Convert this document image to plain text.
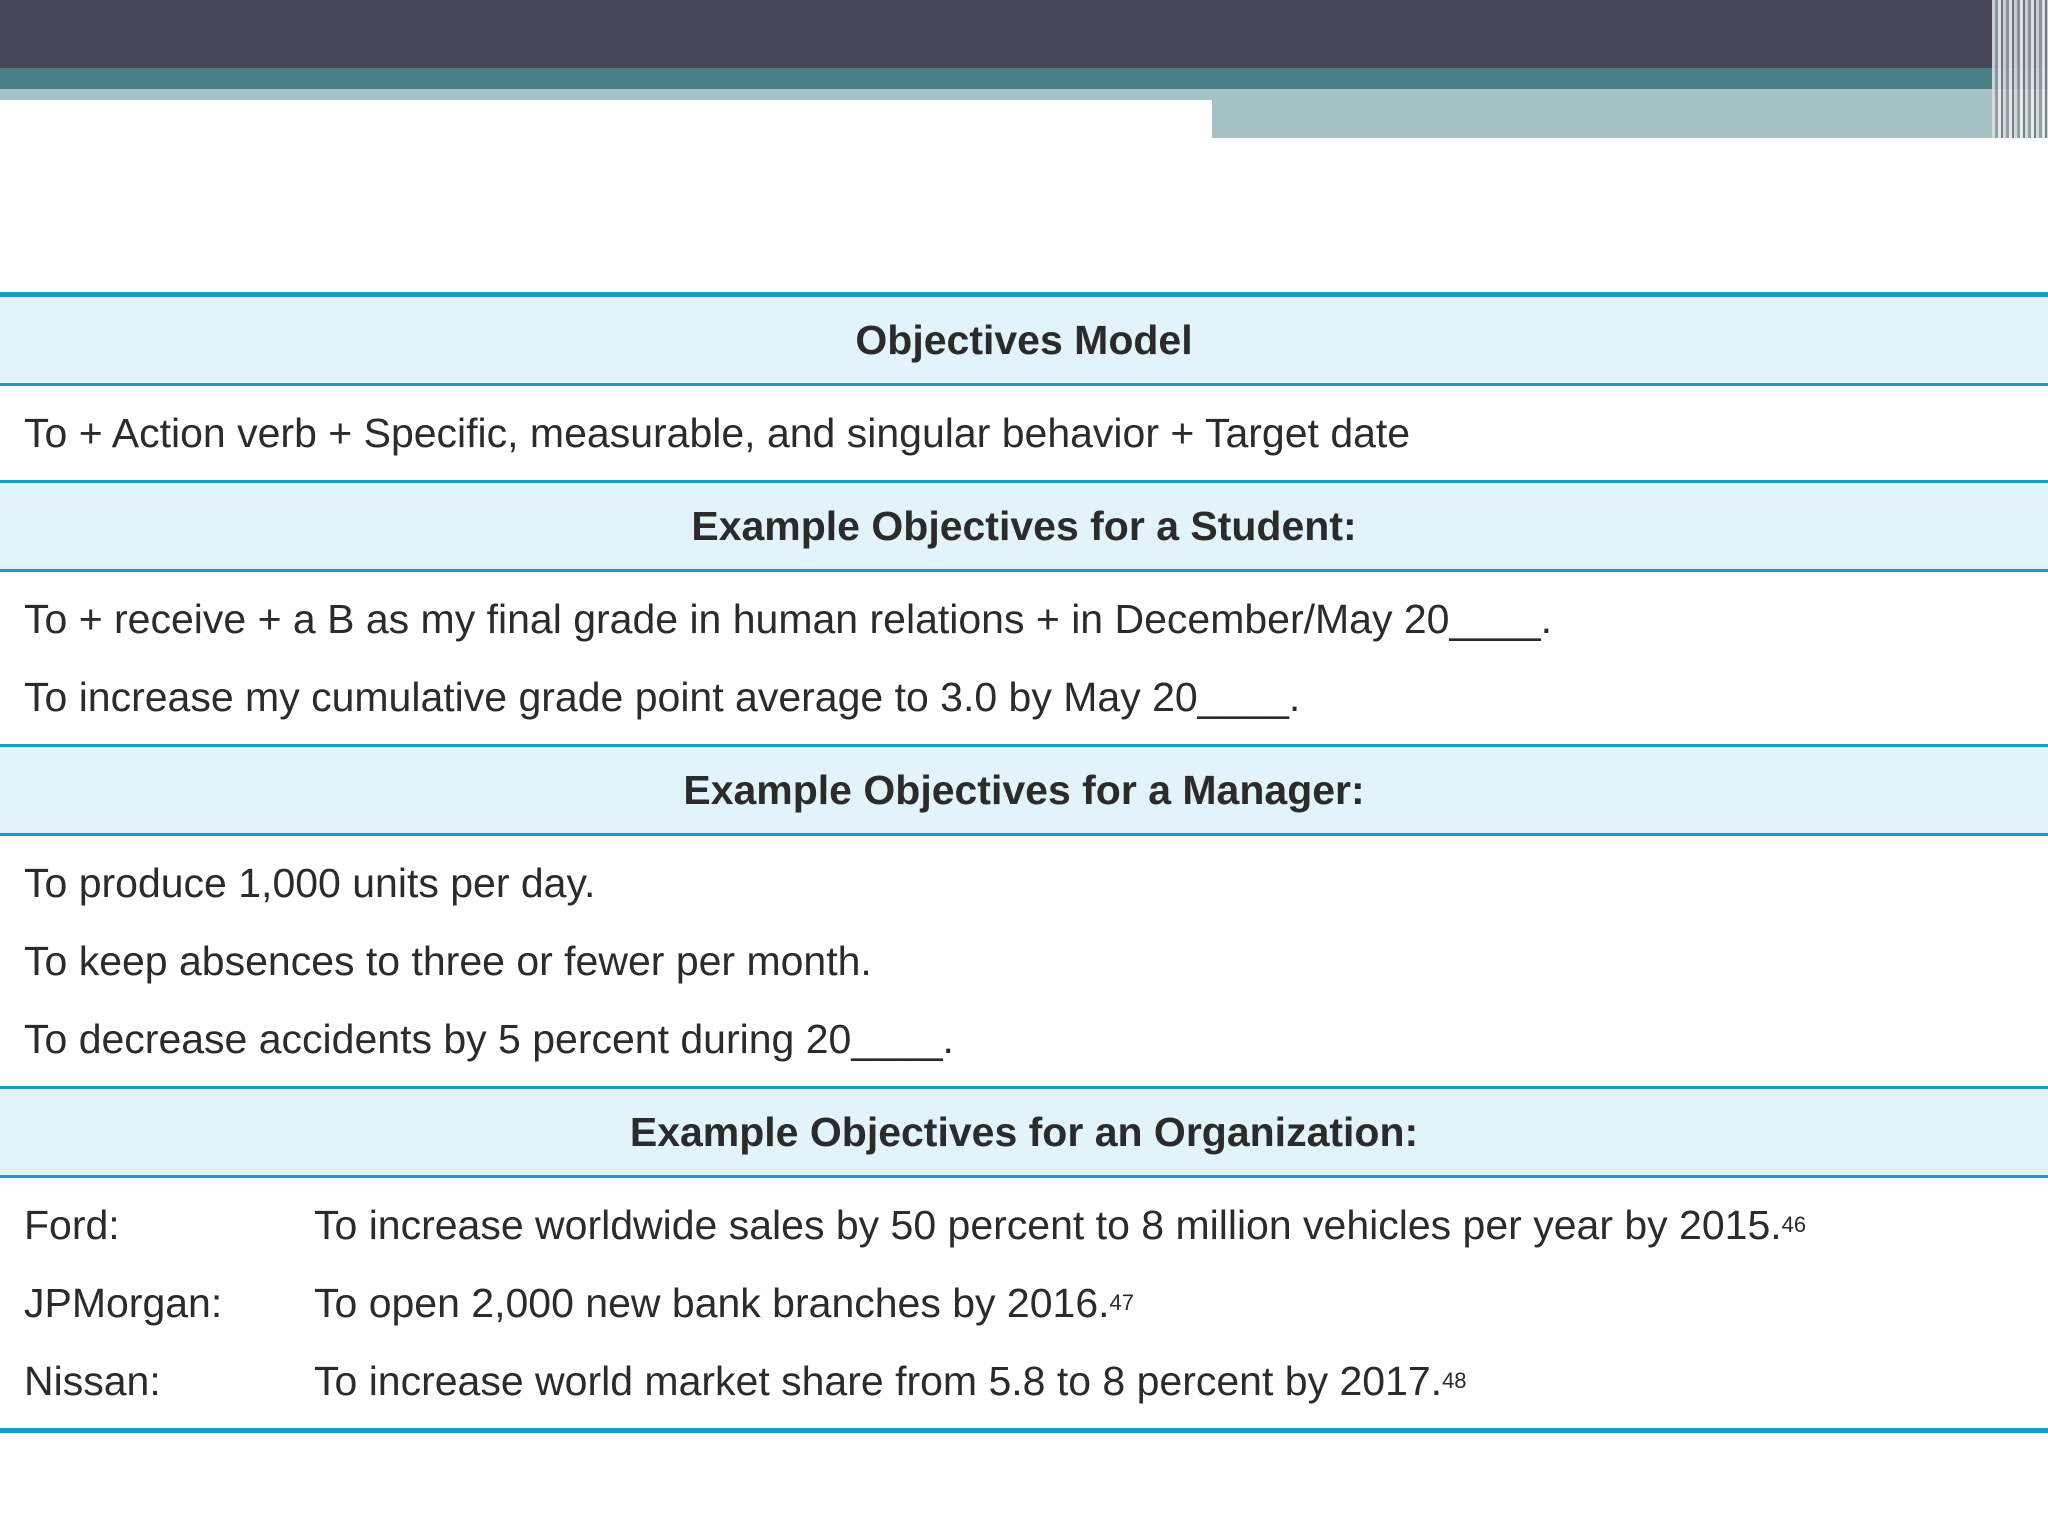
Objectives Model
To + Action verb + Specific, measurable, and singular behavior + Target date
Example Objectives for a Student:
To + receive + a B as my final grade in human relations + in December/May 20____.
To increase my cumulative grade point average to 3.0 by May 20____.
Example Objectives for a Manager:
To produce 1,000 units per day.
To keep absences to three or fewer per month.
To decrease accidents by 5 percent during 20____.
Example Objectives for an Organization:
Ford:	To increase worldwide sales by 50 percent to 8 million vehicles per year by 2015. 46
JPMorgan:	To open 2,000 new bank branches by 2016. 47
Nissan:	To increase world market share from 5.8 to 8 percent by 2017. 48
